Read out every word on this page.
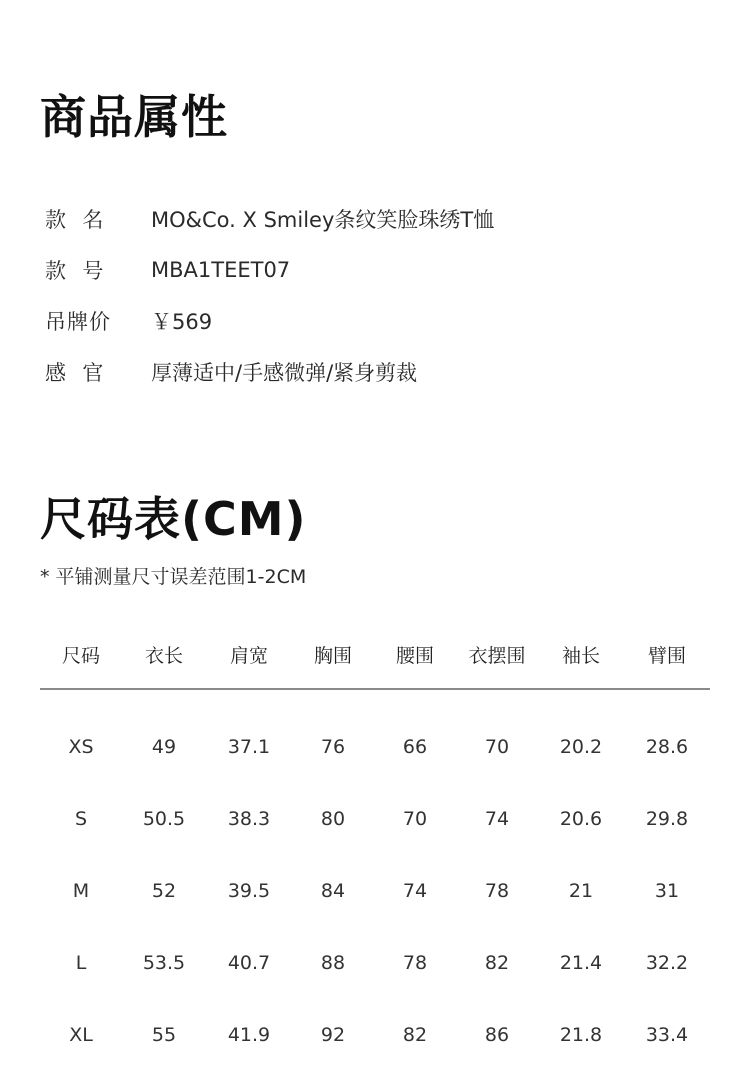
商品属性
款  名	MO&Co. X Smiley条纹笑脸珠绣T恤
款  号	MBA1TEET07
吊牌价	￥569
感  官	厚薄适中/手感微弹/紧身剪裁
尺码表(CM)
* 平铺测量尺寸误差范围1-2CM
尺码	衣长	肩宽	胸围	腰围	衣摆围	袖长	臂围
XS	49	37.1	76	66	70	20.2	28.6
S	50.5	38.3	80	70	74	20.6	29.8
M	52	39.5	84	74	78	21	31
L	53.5	40.7	88	78	82	21.4	32.2
XL	55	41.9	92	82	86	21.8	33.4
